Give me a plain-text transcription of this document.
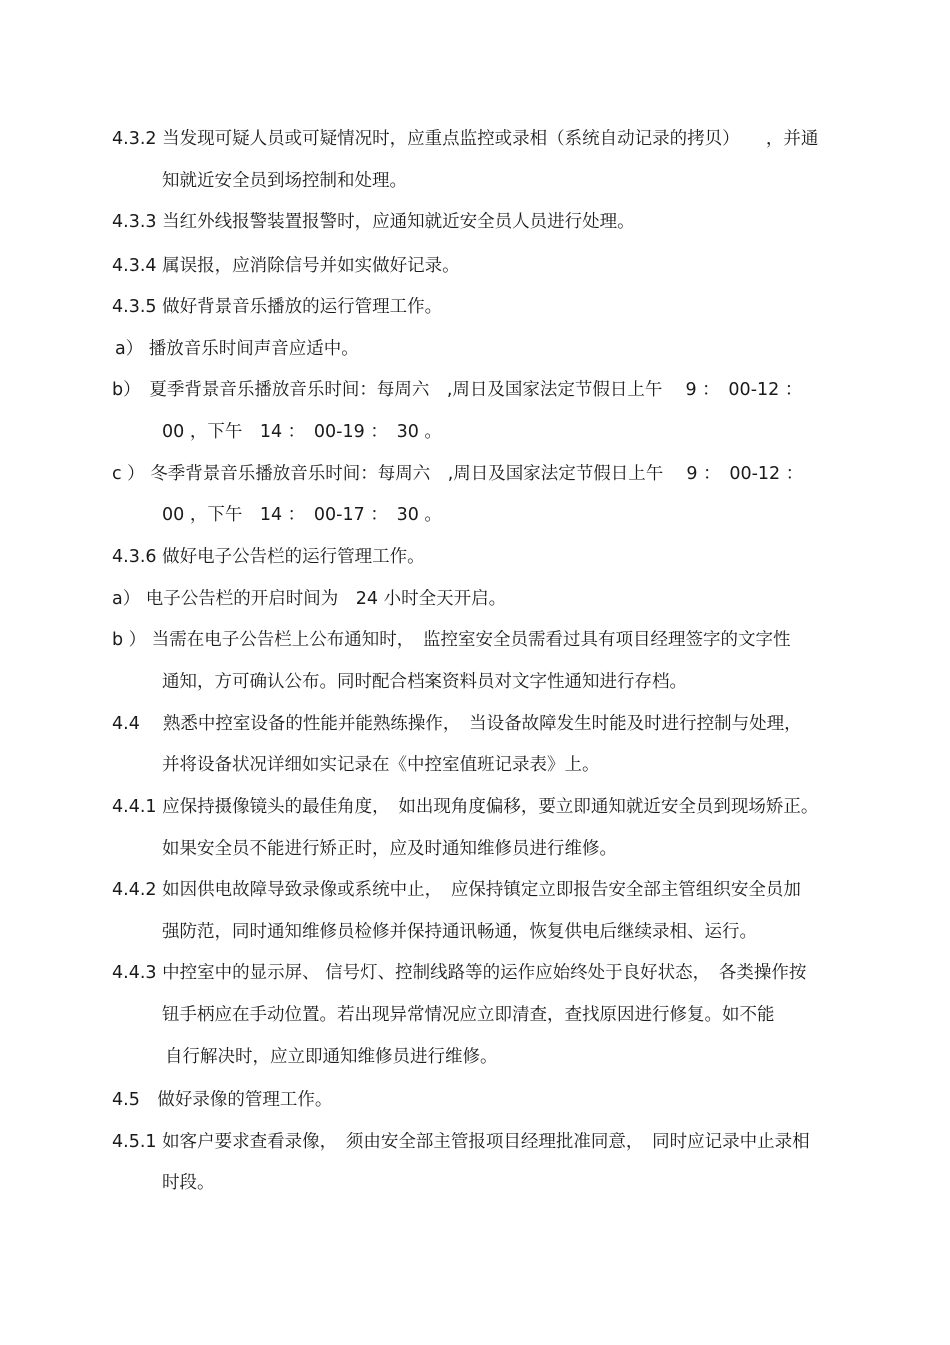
4.3.2 当发现可疑人员或可疑情况时，应重点监控或录相（系统自动记录的拷贝）　　，并通
知就近安全员到场控制和处理。
4.3.3 当红外线报警装置报警时，应通知就近安全员人员进行处理。
4.3.4 属误报，应消除信号并如实做好记录。
4.3.5 做好背景音乐播放的运行管理工作。
a） 播放音乐时间声音应适中。
b）　夏季背景音乐播放音乐时间：每周六　,周日及国家法定节假日上午　 9 ：　00-12 ：
00 ，下午　14 ：　00-19 ：　30 。
c ） 冬季背景音乐播放音乐时间：每周六　,周日及国家法定节假日上午　 9 ：　00-12 ：
00 ，下午　14 ：　00-17 ：　30 。
4.3.6 做好电子公告栏的运行管理工作。
a） 电子公告栏的开启时间为　24 小时全天开启。
b ） 当需在电子公告栏上公布通知时，　监控室安全员需看过具有项目经理签字的文字性
通知，方可确认公布。同时配合档案资料员对文字性通知进行存档。
4.4　 熟悉中控室设备的性能并能熟练操作，　当设备故障发生时能及时进行控制与处理，
并将设备状况详细如实记录在《中控室值班记录表》上。
4.4.1 应保持摄像镜头的最佳角度，　如出现角度偏移，要立即通知就近安全员到现场矫正。
如果安全员不能进行矫正时，应及时通知维修员进行维修。
4.4.2 如因供电故障导致录像或系统中止，　应保持镇定立即报告安全部主管组织安全员加
强防范，同时通知维修员检修并保持通讯畅通，恢复供电后继续录相、运行。
4.4.3 中控室中的显示屏、 信号灯、控制线路等的运作应始终处于良好状态，　各类操作按
钮手柄应在手动位置。若出现异常情况应立即清查，查找原因进行修复。如不能
自行解决时，应立即通知维修员进行维修。
4.5　做好录像的管理工作。
4.5.1 如客户要求查看录像，　须由安全部主管报项目经理批准同意，　同时应记录中止录相
时段。
